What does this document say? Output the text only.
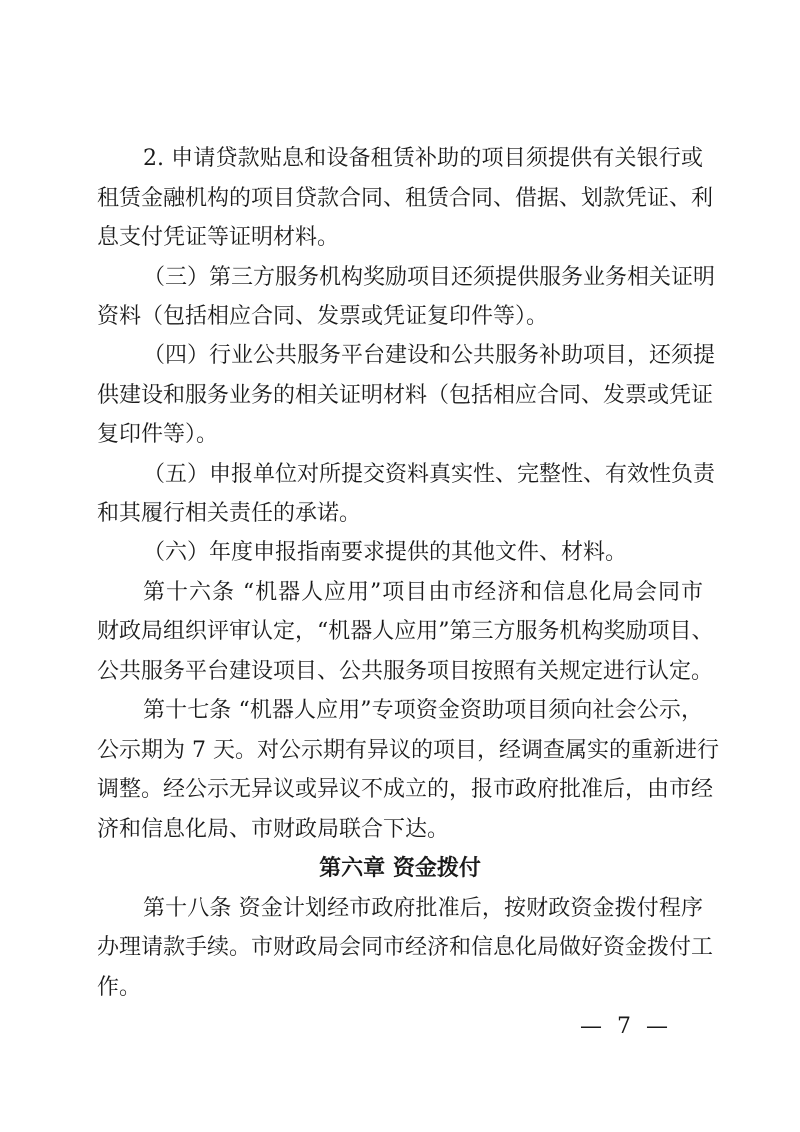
2. 申请贷款贴息和设备租赁补助的项目须提供有关银行或
租赁金融机构的项目贷款合同、租赁合同、借据、划款凭证、利
息支付凭证等证明材料。
（三）第三方服务机构奖励项目还须提供服务业务相关证明
资料（包括相应合同、发票或凭证复印件等）。
（四）行业公共服务平台建设和公共服务补助项目，还须提
供建设和服务业务的相关证明材料（包括相应合同、发票或凭证
复印件等）。
（五）申报单位对所提交资料真实性、完整性、有效性负责
和其履行相关责任的承诺。
（六）年度申报指南要求提供的其他文件、材料。
第十六条 “机器人应用”项目由市经济和信息化局会同市
财政局组织评审认定，“机器人应用”第三方服务机构奖励项目、
公共服务平台建设项目、公共服务项目按照有关规定进行认定。
第十七条 “机器人应用”专项资金资助项目须向社会公示，
公示期为 7 天。对公示期有异议的项目，经调查属实的重新进行
调整。经公示无异议或异议不成立的，报市政府批准后，由市经
济和信息化局、市财政局联合下达。
第六章 资金拨付
第十八条 资金计划经市政府批准后，按财政资金拨付程序
办理请款手续。市财政局会同市经济和信息化局做好资金拨付工
作。
— 7 —
